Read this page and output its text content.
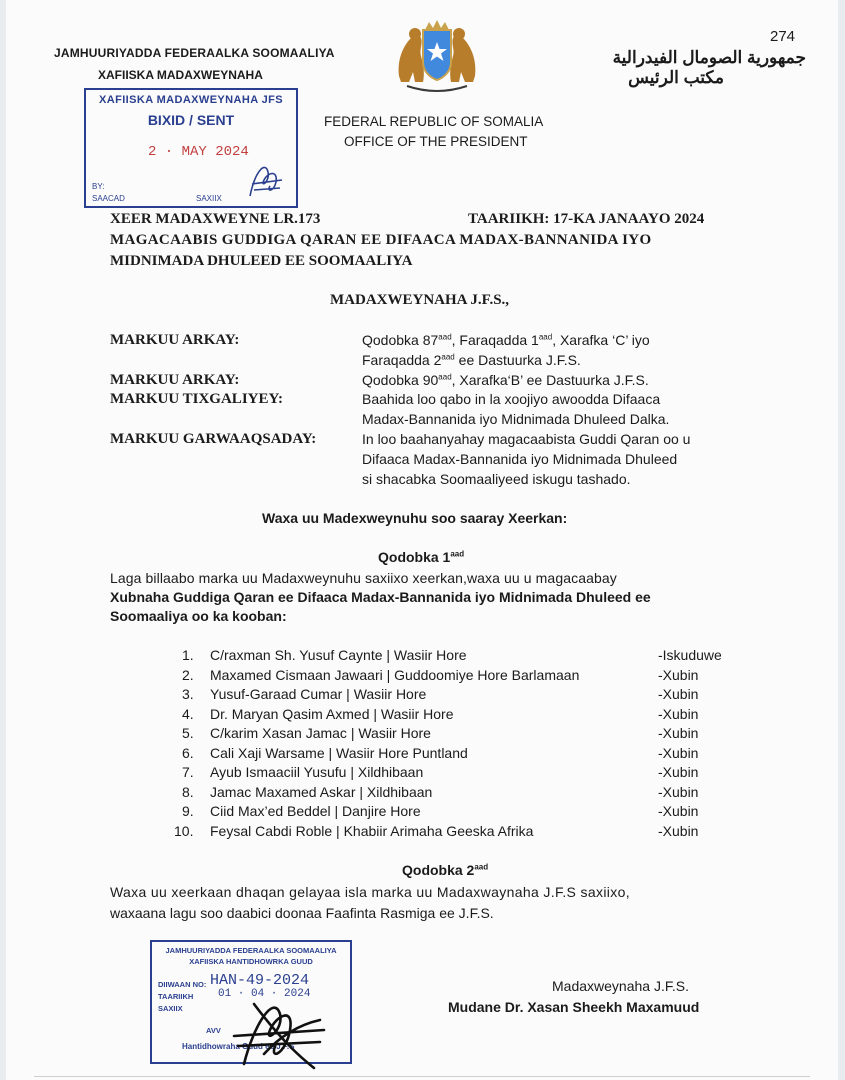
274
JAMHUURIYADDA FEDERAALKA SOOMAALIYA
XAFIISKA MADAXWEYNAHA
جمهورية الصومال الفيدرالية
مكتب الرئيس
FEDERAL REPUBLIC OF SOMALIA
OFFICE OF THE PRESIDENT
XAFIISKA MADAXWEYNAHA JFS
BIXID / SENT
2 · MAY 2024
BY:
SAACAD	SAXIIX
XEER MADAXWEYNE LR.173	TAARIIKH: 17-KA JANAAYO 2024
MAGACAABIS GUDDIGA QARAN EE DIFAACA MADAX-BANNANIDA IYO
MIDNIMADA DHULEED EE SOOMAALIYA
MADAXWEYNAHA J.F.S.,
MARKUU ARKAY:	Qodobka $87^{aad}$, Faraqadda $1^{aad}$, Xarafka ‘C’ iyo
Faraqadda $2^{aad}$ ee Dastuurka J.F.S.
MARKUU ARKAY:	Qodobka $90^{aad}$, Xarafka‘B’ ee Dastuurka J.F.S.
MARKUU TIXGALIYEY:	Baahida loo qabo in la xoojiyo awoodda Difaaca
Madax-Bannanida iyo Midnimada Dhuleed Dalka.
MARKUU GARWAAQSADAY:	In loo baahanyahay magacaabista Guddi Qaran oo u
Difaaca Madax-Bannanida iyo Midnimada Dhuleed
si shacabka Soomaaliyeed iskugu tashado.
Waxa uu Madexweynuhu soo saaray Xeerkan:
Qodobka $1^{aad}$
Laga billaabo marka uu Madaxweynuhu saxiixo xeerkan,waxa uu u magacaabay
Xubnaha Guddiga Qaran ee Difaaca Madax-Bannanida iyo Midnimada Dhuleed ee
Soomaaliya oo ka kooban:
1. C/raxman Sh. Yusuf Caynte | Wasiir Hore	-Iskuduwe
2. Maxamed Cismaan Jawaari | Guddoomiye Hore Barlamaan	-Xubin
3. Yusuf-Garaad Cumar | Wasiir Hore	-Xubin
4. Dr. Maryan Qasim Axmed | Wasiir Hore	-Xubin
5. C/karim Xasan Jamac | Wasiir Hore	-Xubin
6. Cali Xaji Warsame | Wasiir Hore Puntland	-Xubin
7. Ayub Ismaaciil Yusufu | Xildhibaan	-Xubin
8. Jamac Maxamed Askar | Xildhibaan	-Xubin
9. Ciid Max’ed Beddel | Danjire Hore	-Xubin
10. Feysal Cabdi Roble | Khabiir Arimaha Geeska Afrika	-Xubin
Qodobka $2^{aad}$
Waxa uu xeerkaan dhaqan gelayaa isla marka uu Madaxwaynaha J.F.S saxiixo,
waxaana lagu soo daabici doonaa Faafinta Rasmiga ee J.F.S.
JAMHUURIYADDA FEDERAALKA SOOMAALIYA
XAFIISKA HANTIDHOWRKA GUUD
DIIWAAN NO: HAN-49-2024
TAARIIKH 01 · 04 · 2024
SAXIIX
AVV
Hantidhowraha Guud ee J.F.S
Madaxweynaha J.F.S.
Mudane Dr. Xasan Sheekh Maxamuud
